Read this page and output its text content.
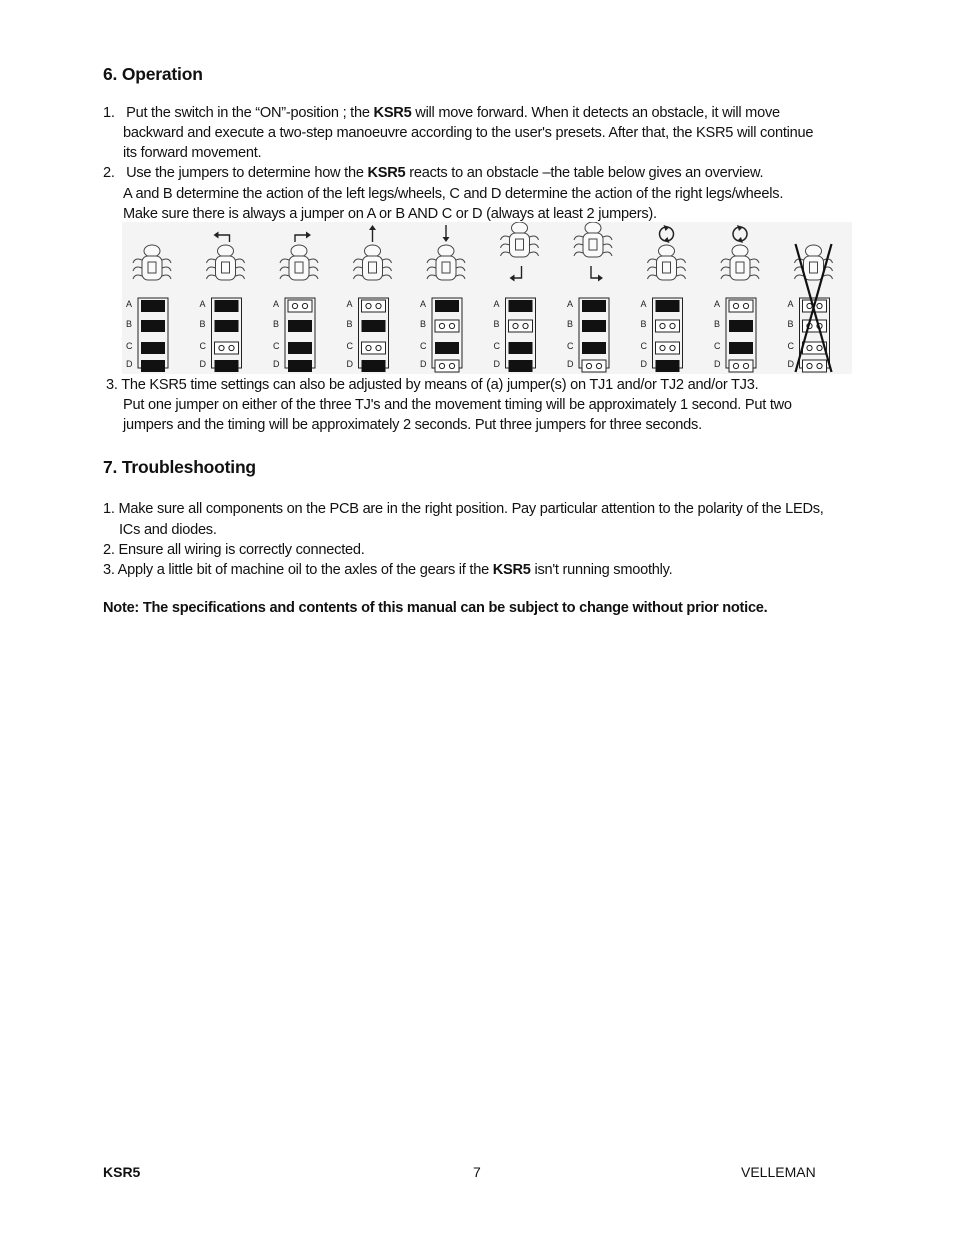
6. Operation

1. Put the switch in the “ON”-position ; the KSR5 will move forward. When it detects an obstacle, it will move

backward and execute a two-step manoeuvre according to the user's presets. After that, the KSR5 will continue

its forward movement.

2. Use the jumpers to determine how the KSR5 reacts to an obstacle –the table below gives an overview.

A and B determine the action of the left legs/wheels, C and D determine the action of the right legs/wheels.

Make sure there is always a jumper on A or B AND C or D (always at least 2 jumpers).

A
B
C
D
A
B
C
D
A
B
C
D
A
B
C
D
A
B
C
D
A
B
C
D
A
B
C
D
A
B
C
D
A
B
C
D
A
B
C
D

3. The KSR5 time settings can also be adjusted by means of (a) jumper(s) on TJ1 and/or TJ2 and/or TJ3.

Put one jumper on either of the three TJ's and the movement timing will be approximately 1 second. Put two

jumpers and the timing will be approximately 2 seconds. Put three jumpers for three seconds.

7. Troubleshooting

1. Make sure all components on the PCB are in the right position. Pay particular attention to the polarity of the LEDs,

ICs and diodes.

2. Ensure all wiring is correctly connected.

3. Apply a little bit of machine oil to the axles of the gears if the KSR5 isn't running smoothly.

Note: The specifications and contents of this manual can be subject to change without prior notice.
KSR5	7	VELLEMAN
